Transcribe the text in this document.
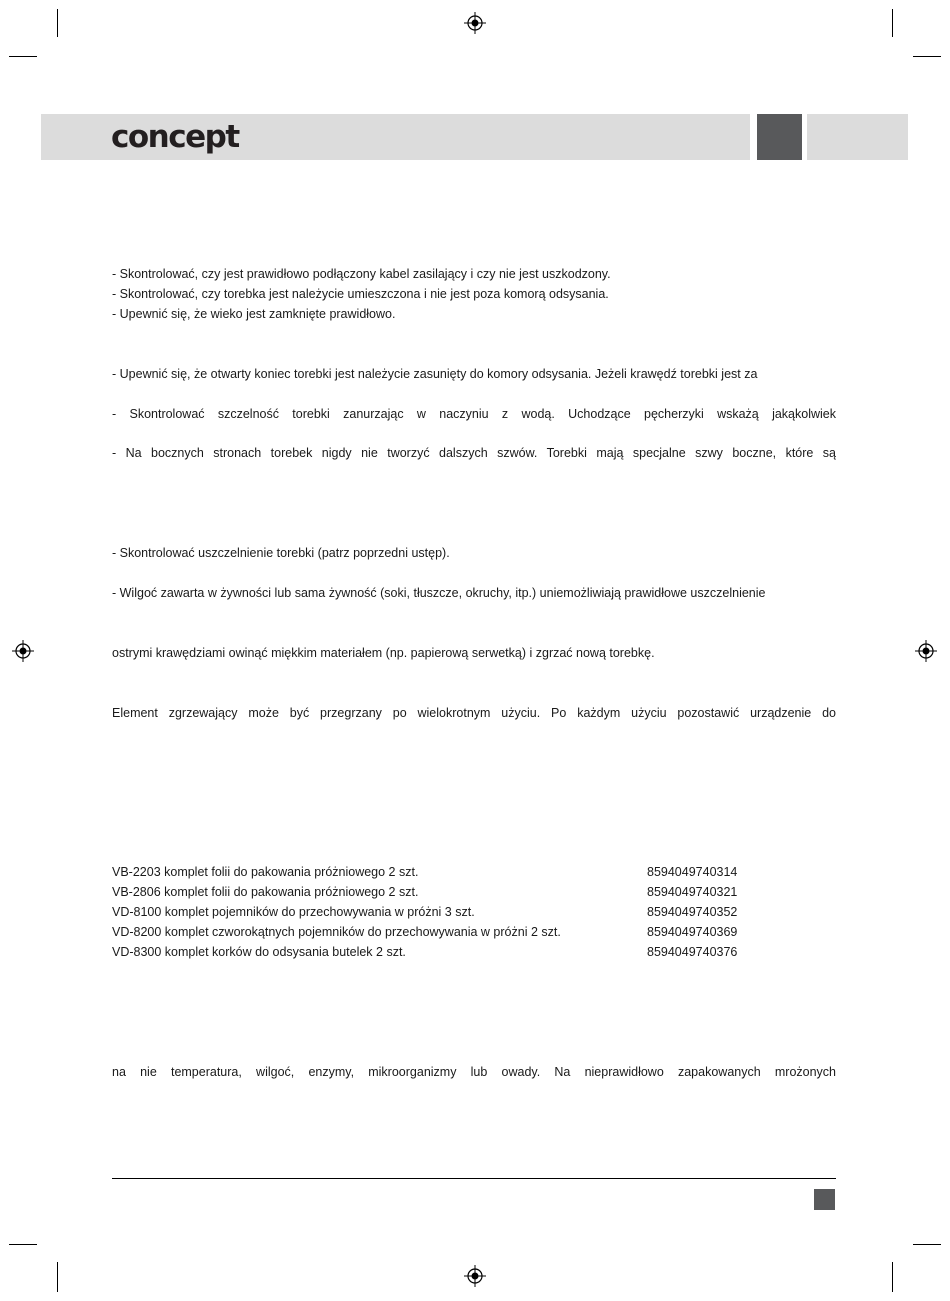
concept
- Skontrolować, czy jest prawidłowo podłączony kabel zasilający i czy nie jest uszkodzony.
- Skontrolować, czy torebka jest należycie umieszczona i nie jest poza komorą odsysania.
- Upewnić się, że wieko jest zamknięte prawidłowo.
- Upewnić się, że otwarty koniec torebki jest należycie zasunięty do komory odsysania. Jeżeli krawędź torebki jest za
- Skontrolować szczelność torebki zanurzając w naczyniu z wodą. Uchodzące pęcherzyki wskażą jakąkolwiek
- Na bocznych stronach torebek nigdy nie tworzyć dalszych szwów. Torebki mają specjalne szwy boczne, które są
- Skontrolować uszczelnienie torebki (patrz poprzedni ustęp).
- Wilgoć zawarta w żywności lub sama żywność (soki, tłuszcze, okruchy, itp.) uniemożliwiają prawidłowe uszczelnienie
ostrymi krawędziami owinąć miękkim materiałem (np. papierową serwetką) i zgrzać nową torebkę.
Element zgrzewający może być przegrzany po wielokrotnym użyciu. Po każdym użyciu pozostawić urządzenie do
VB-2203 komplet folii do pakowania próżniowego 2 szt.	8594049740314
VB-2806 komplet folii do pakowania próżniowego 2 szt.	8594049740321
VD-8100 komplet pojemników do przechowywania w próżni 3 szt.	8594049740352
VD-8200 komplet czworokątnych pojemników do przechowywania w próżni 2 szt.	8594049740369
VD-8300 komplet korków do odsysania butelek 2 szt.	8594049740376
na nie temperatura, wilgoć, enzymy, mikroorganizmy lub owady. Na nieprawidłowo zapakowanych mrożonych
